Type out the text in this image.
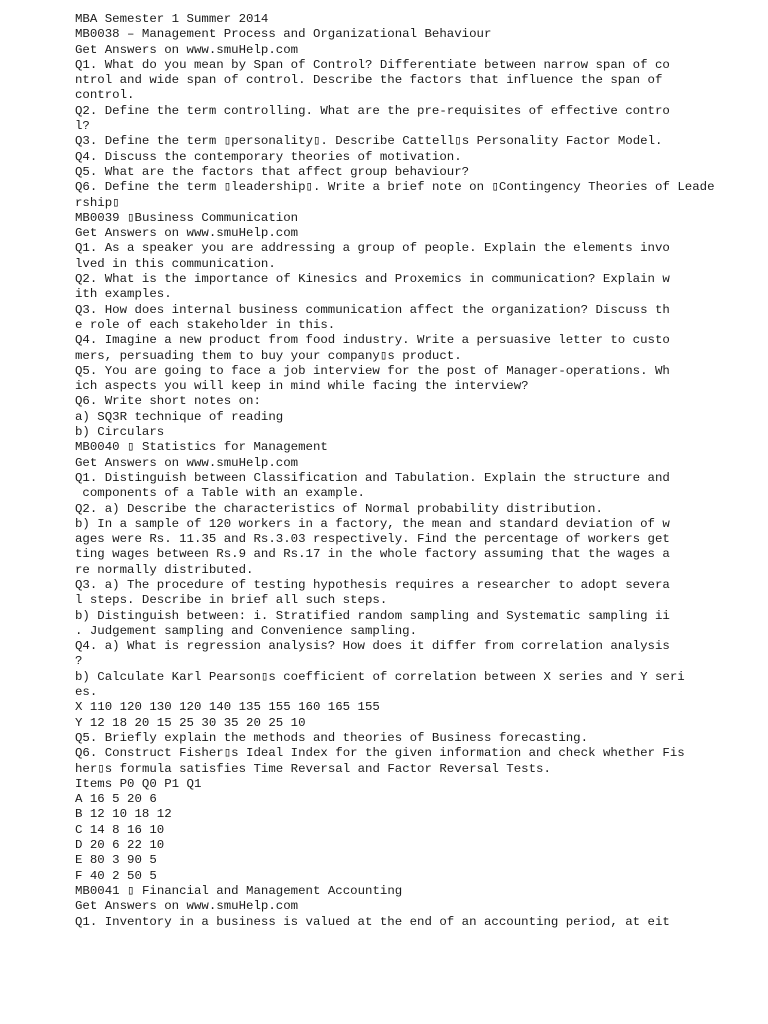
MBA Semester 1 Summer 2014
MB0038 – Management Process and Organizational Behaviour
Get Answers on www.smuHelp.com
Q1. What do you mean by Span of Control? Differentiate between narrow span of co
ntrol and wide span of control. Describe the factors that influence the span of
control.
Q2. Define the term controlling. What are the pre-requisites of effective contro
l?
Q3. Define the term ▯personality▯. Describe Cattell▯s Personality Factor Model.
Q4. Discuss the contemporary theories of motivation.
Q5. What are the factors that affect group behaviour?
Q6. Define the term ▯leadership▯. Write a brief note on ▯Contingency Theories of Leade
rship▯
MB0039 ▯Business Communication
Get Answers on www.smuHelp.com
Q1. As a speaker you are addressing a group of people. Explain the elements invo
lved in this communication.
Q2. What is the importance of Kinesics and Proxemics in communication? Explain w
ith examples.
Q3. How does internal business communication affect the organization? Discuss th
e role of each stakeholder in this.
Q4. Imagine a new product from food industry. Write a persuasive letter to custo
mers, persuading them to buy your company▯s product.
Q5. You are going to face a job interview for the post of Manager-operations. Wh
ich aspects you will keep in mind while facing the interview?
Q6. Write short notes on:
a) SQ3R technique of reading
b) Circulars
MB0040 ▯ Statistics for Management
Get Answers on www.smuHelp.com
Q1. Distinguish between Classification and Tabulation. Explain the structure and
components of a Table with an example.
Q2. a) Describe the characteristics of Normal probability distribution.
b) In a sample of 120 workers in a factory, the mean and standard deviation of w
ages were Rs. 11.35 and Rs.3.03 respectively. Find the percentage of workers get
ting wages between Rs.9 and Rs.17 in the whole factory assuming that the wages a
re normally distributed.
Q3. a) The procedure of testing hypothesis requires a researcher to adopt severa
l steps. Describe in brief all such steps.
b) Distinguish between: i. Stratified random sampling and Systematic sampling ii
. Judgement sampling and Convenience sampling.
Q4. a) What is regression analysis? How does it differ from correlation analysis
?
b) Calculate Karl Pearson▯s coefficient of correlation between X series and Y seri
es.
X 110 120 130 120 140 135 155 160 165 155
Y 12 18 20 15 25 30 35 20 25 10
Q5. Briefly explain the methods and theories of Business forecasting.
Q6. Construct Fisher▯s Ideal Index for the given information and check whether Fis
her▯s formula satisfies Time Reversal and Factor Reversal Tests.
Items P0 Q0 P1 Q1
A 16 5 20 6
B 12 10 18 12
C 14 8 16 10
D 20 6 22 10
E 80 3 90 5
F 40 2 50 5
MB0041 ▯ Financial and Management Accounting
Get Answers on www.smuHelp.com
Q1. Inventory in a business is valued at the end of an accounting period, at eit
